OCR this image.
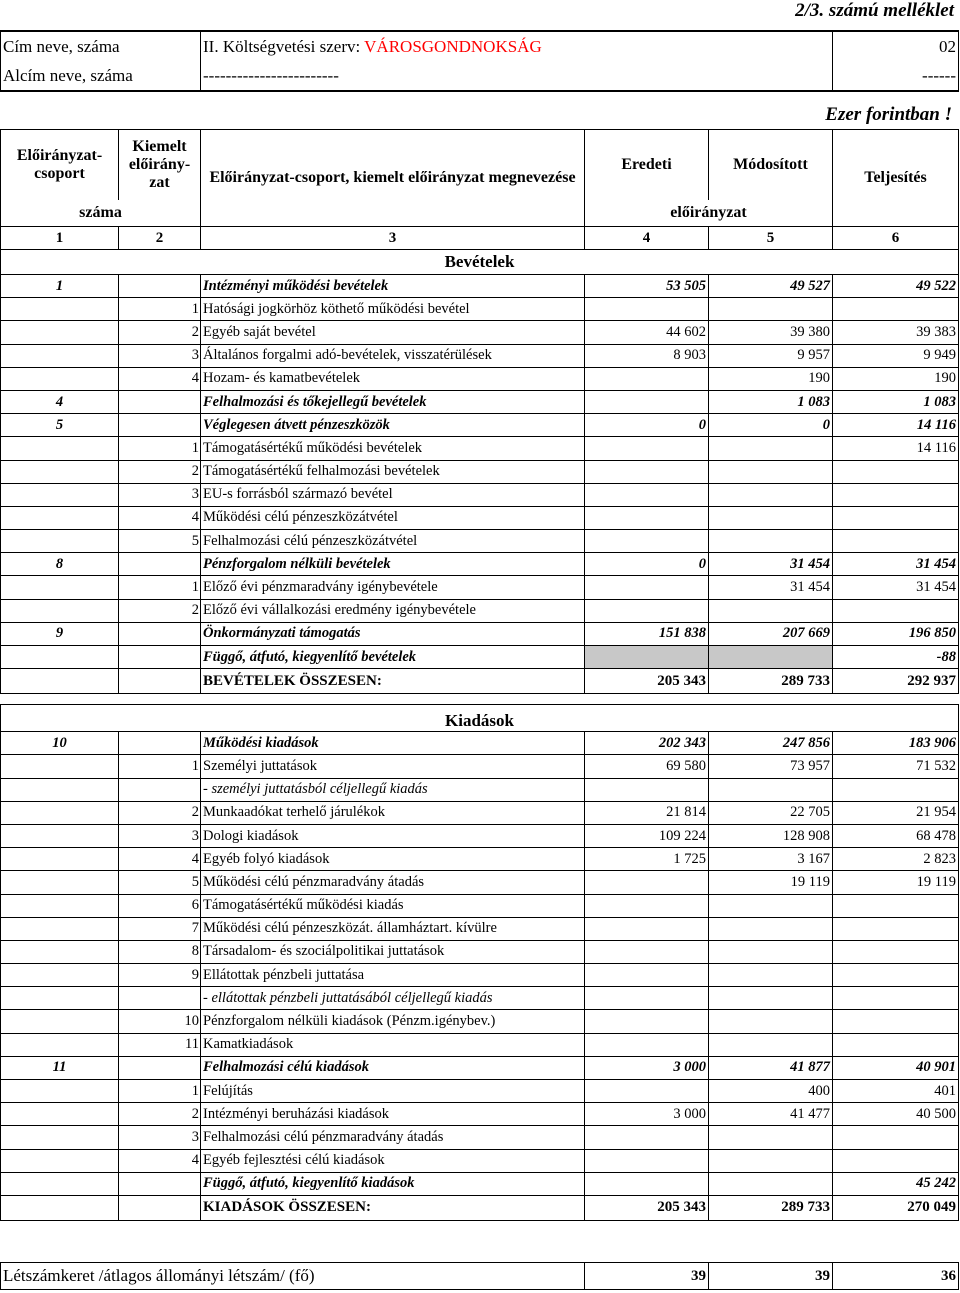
2/3. számú melléklet
Cím neve, száma	II. Költségvetési szerv: VÁROSGONDNOKSÁG	02
Alcím neve, száma	------------------------	------
Ezer forintban !
Előirányzat-csoport	Kiemelt előirány-zat	Előirányzat-csoport, kiemelt előirányzat megnevezése	Eredeti	Módosított	Teljesítés
száma			előirányzat		
1	2	3	4	5	6
Bevételek					
1		Intézményi működési bevételek	53 505	49 527	49 522
	1	Hatósági jogkörhöz köthető működési bevétel			
	2	Egyéb saját bevétel	44 602	39 380	39 383
	3	Általános forgalmi adó-bevételek, visszatérülések	8 903	9 957	9 949
	4	Hozam- és kamatbevételek		190	190
4		Felhalmozási és tőkejellegű bevételek		1 083	1 083
5		Véglegesen átvett pénzeszközök	0	0	14 116
	1	Támogatásértékű működési bevételek			14 116
	2	Támogatásértékű felhalmozási bevételek			
	3	EU-s forrásból származó bevétel			
	4	Működési célú pénzeszközátvétel			
	5	Felhalmozási célú pénzeszközátvétel			
8		Pénzforgalom nélküli bevételek	0	31 454	31 454
	1	Előző évi pénzmaradvány igénybevétele		31 454	31 454
	2	Előző évi vállalkozási eredmény igénybevétele			
9		Önkormányzati támogatás	151 838	207 669	196 850
		Függő, átfutó, kiegyenlítő bevételek			-88
		BEVÉTELEK ÖSSZESEN:	205 343	289 733	292 937

Kiadások					
10		Működési kiadások	202 343	247 856	183 906
	1	Személyi juttatások	69 580	73 957	71 532
		- személyi juttatásból céljellegű kiadás			
	2	Munkaadókat terhelő járulékok	21 814	22 705	21 954
	3	Dologi kiadások	109 224	128 908	68 478
	4	Egyéb folyó kiadások	1 725	3 167	2 823
	5	Működési célú pénzmaradvány átadás		19 119	19 119
	6	Támogatásértékű működési kiadás			
	7	Működési célú pénzeszközát. államháztart. kívülre			
	8	Társadalom- és szociálpolitikai juttatások			
	9	Ellátottak pénzbeli juttatása			
		- ellátottak pénzbeli juttatásából céljellegű kiadás			
	10	Pénzforgalom nélküli kiadások (Pénzm.igénybev.)			
	11	Kamatkiadások			
11		Felhalmozási célú kiadások	3 000	41 877	40 901
	1	Felújítás		400	401
	2	Intézményi beruházási kiadások	3 000	41 477	40 500
	3	Felhalmozási célú pénzmaradvány átadás			
	4	Egyéb fejlesztési célú kiadások			
		Függő, átfutó, kiegyenlítő kiadások			45 242
		KIADÁSOK ÖSSZESEN:	205 343	289 733	270 049
Létszámkeret /átlagos állományi létszám/ (fő)	39	39	36
